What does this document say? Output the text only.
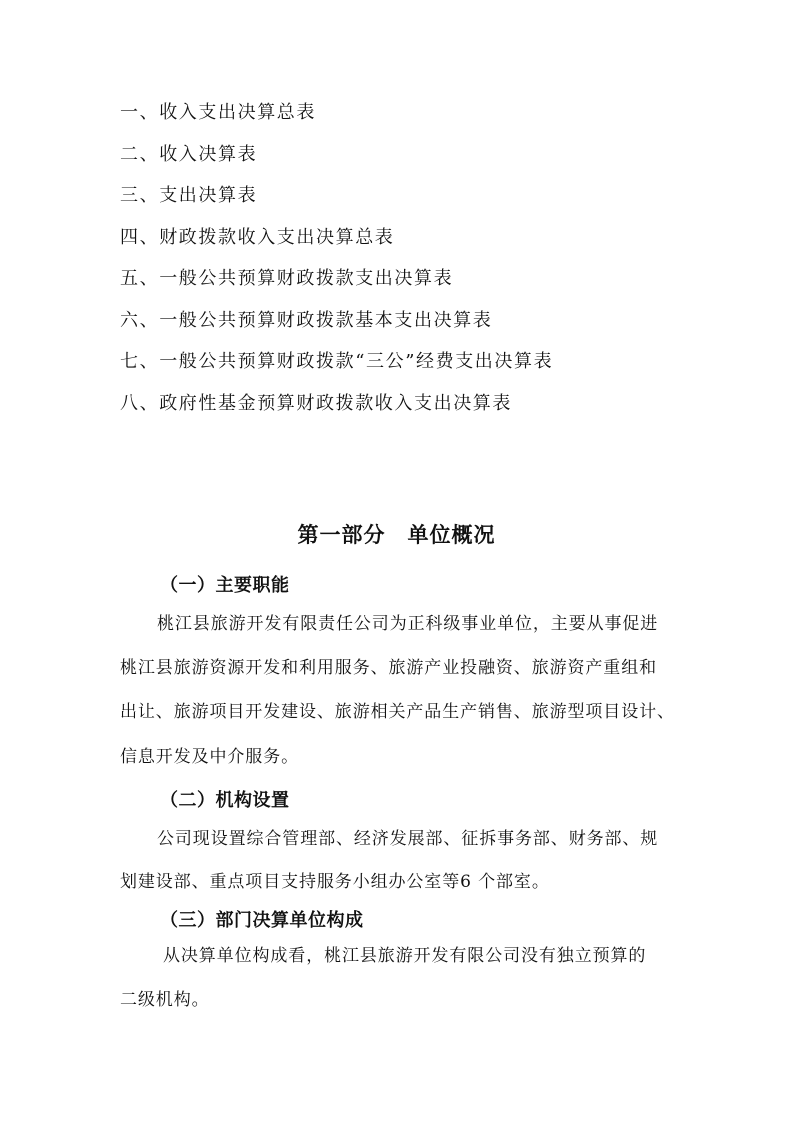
一、收入支出决算总表
二、收入决算表
三、支出决算表
四、财政拨款收入支出决算总表
五、一般公共预算财政拨款支出决算表
六、一般公共预算财政拨款基本支出决算表
七、一般公共预算财政拨款“三公”经费支出决算表
八、政府性基金预算财政拨款收入支出决算表
第一部分 单位概况
（一）主要职能
桃江县旅游开发有限责任公司为正科级事业单位，主要从事促进
桃江县旅游资源开发和利用服务、旅游产业投融资、旅游资产重组和
出让、旅游项目开发建设、旅游相关产品生产销售、旅游型项目设计、
信息开发及中介服务。
（二）机构设置
公司现设置综合管理部、经济发展部、征拆事务部、财务部、规
划建设部、重点项目支持服务小组办公室等6 个部室。
（三）部门决算单位构成
从决算单位构成看，桃江县旅游开发有限公司没有独立预算的
二级机构。
